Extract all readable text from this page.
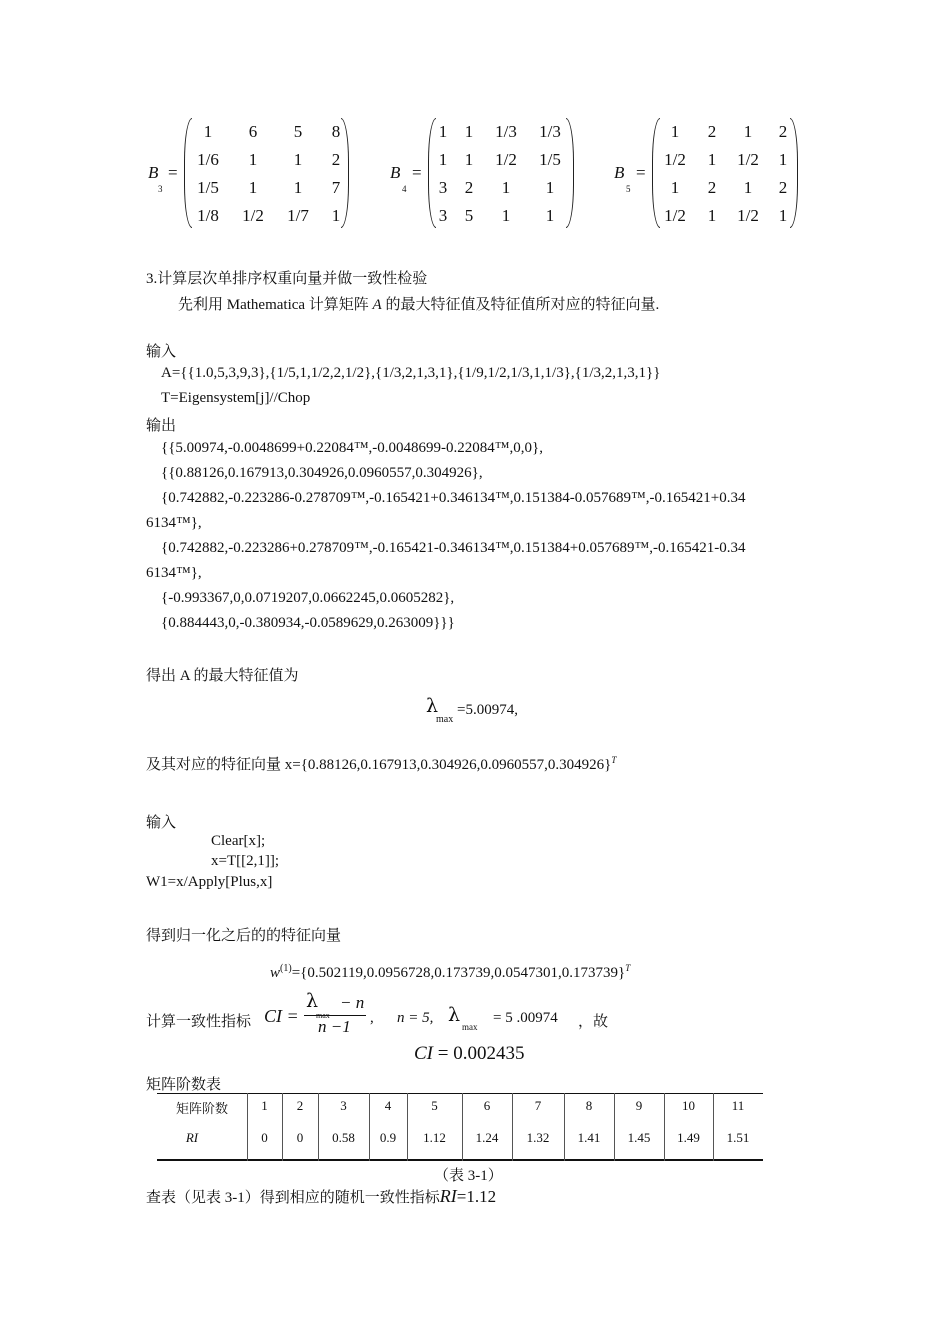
B
3
=
1	6	5	8
1/6	1	1	2
1/5	1	1	7
1/8	1/2	1/7	1
B
4
=
1	1	1/3	1/3
1	1	1/2	1/5
3	2	1	1
3	5	1	1
B
5
=
1	2	1	2
1/2	1	1/2	1
1	2	1	2
1/2	1	1/2	1
3.计算层次单排序权重向量并做一致性检验
先利用 Mathematica 计算矩阵 A 的最大特征值及特征值所对应的特征向量.
输入
A={{1.0,5,3,9,3},{1/5,1,1/2,2,1/2},{1/3,2,1,3,1},{1/9,1/2,1/3,1,1/3},{1/3,2,1,3,1}}
T=Eigensystem[j]//Chop
输出
{{5.00974,-0.0048699+0.22084™,-0.0048699-0.22084™,0,0},
{{0.88126,0.167913,0.304926,0.0960557,0.304926},
{0.742882,-0.223286-0.278709™,-0.165421+0.346134™,0.151384-0.057689™,-0.165421+0.34
6134™},
{0.742882,-0.223286+0.278709™,-0.165421-0.346134™,0.151384+0.057689™,-0.165421-0.34
6134™},
{-0.993367,0,0.0719207,0.0662245,0.0605282},
{0.884443,0,-0.380934,-0.0589629,0.263009}}}
得出 A 的最大特征值为
λ
max
=5.00974,
及其对应的特征向量 $x=\{0.88126,0.167913,0.304926,0.0960557,0.304926\}^T$
输入
Clear[x];
x=T[[2,1]];
W1=x/Apply[Plus,x]
得到归一化之后的的特征向量
$w^{(1)}=\{0.502119,0.0956728,0.173739,0.0547301,0.173739\}^T$
计算一致性指标 CI =
λ − n
n −1 , n = 5, λ
max
= 5 .00974 ，故
CI = 0.002435
矩阵阶数表
矩阵阶数	1	2	3	4	5	6	7	8	9	10	11
RI	0	0	0.58	0.9	1.12	1.24	1.32	1.41	1.45	1.49	1.51
（表 3-1）
查表（见表 3-1）得到相应的随机一致性指标RI=1.12
